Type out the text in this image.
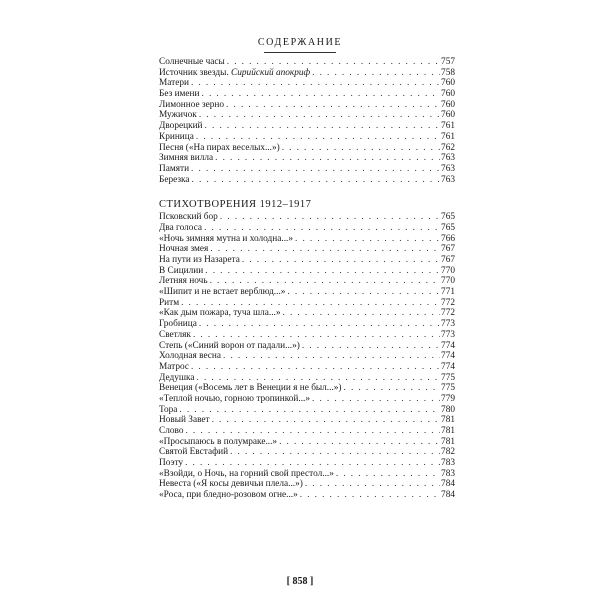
СОДЕРЖАНИЕ
Солнечные часы . . .	757
Источник звезды. Сирийский апокриф . . .	758
Матери . . .	760
Без имени . . .	760
Лимонное зерно . . .	760
Мужичок . . .	760
Дворецкий . . .	761
Криница . . .	761
Песня («На пирах веселых...») . . .	762
Зимняя вилла . . .	763
Памяти . . .	763
Березка . . .	763
СТИХОТВОРЕНИЯ 1912–1917
Псковский бор . . .	765
Два голоса . . .	765
«Ночь зимняя мутна и холодна...» . . .	766
Ночная змея . . .	767
На пути из Назарета . . .	767
В Сицилии . . .	770
Летняя ночь . . .	770
«Шипит и не встает верблюд...» . . .	771
Ритм . . .	772
«Как дым пожара, туча шла...» . . .	772
Гробница . . .	773
Светляк . . .	773
Степь («Синий ворон от падали...») . . .	774
Холодная весна . . .	774
Матрос . . .	774
Дедушка . . .	775
Венеция («Восемь лет в Венеции я не был...») . . .	775
«Теплой ночью, горною тропинкой...» . . .	779
Тора . . .	780
Новый Завет . . .	781
Слово . . .	781
«Просыпаюсь в полумраке...» . . .	781
Святой Евстафий . . .	782
Поэту . . .	783
«Взойди, о Ночь, на горний свой престол...» . . .	783
Невеста («Я косы девичьи плела...») . . .	784
«Роса, при бледно-розовом огне...» . . .	784
[ 858 ]
